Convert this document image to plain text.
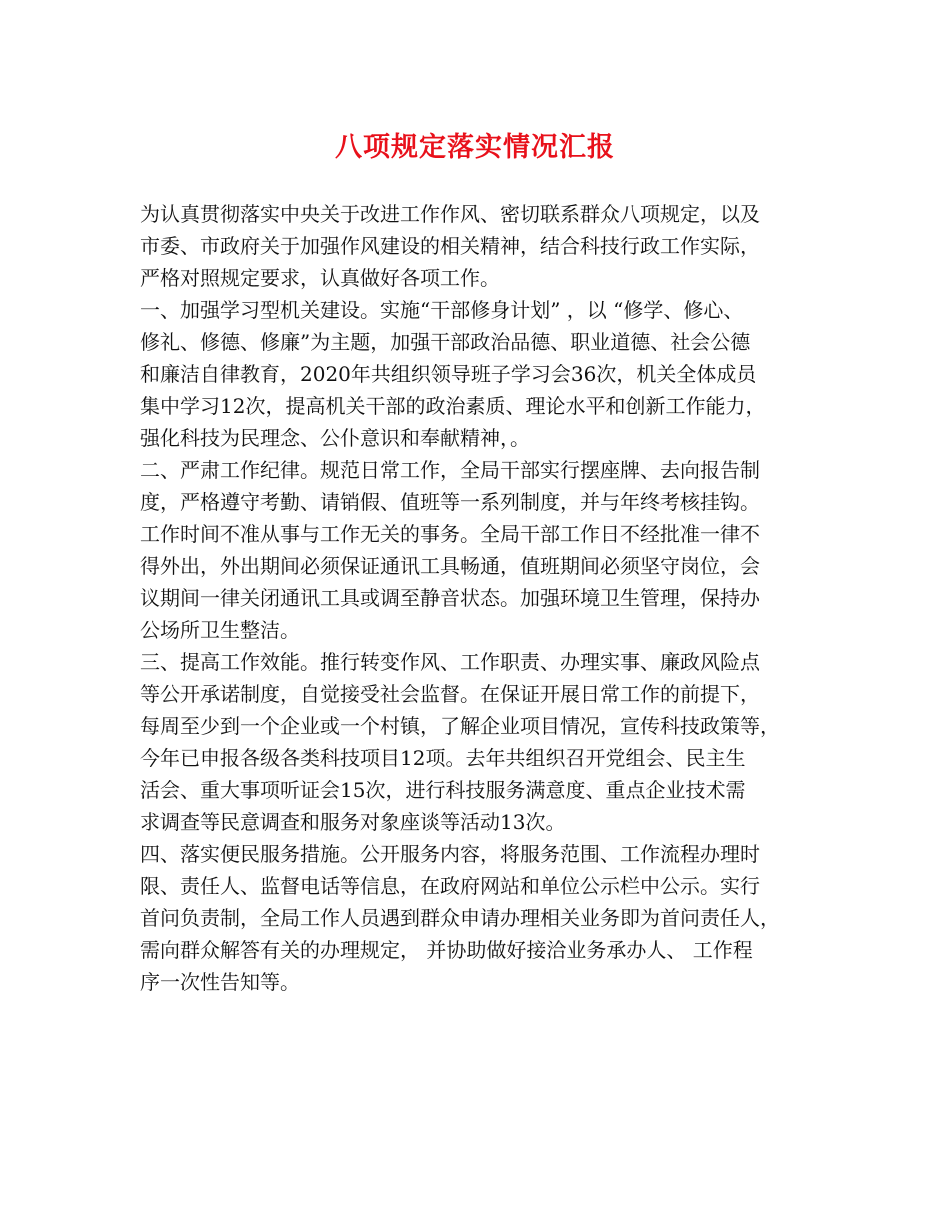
八项规定落实情况汇报
为认真贯彻落实中央关于改进工作作风、密切联系群众八项规定，以及
市委、市政府关于加强作风建设的相关精神，结合科技行政工作实际，
严格对照规定要求，认真做好各项工作。
一、加强学习型机关建设。实施“干部修身计划” ，以 “修学、修心、
修礼、修德、修廉”为主题，加强干部政治品德、职业道德、社会公德
和廉洁自律教育，2020年共组织领导班子学习会36次，机关全体成员
集中学习12次，提高机关干部的政治素质、理论水平和创新工作能力，
强化科技为民理念、公仆意识和奉献精神，。
二、严肃工作纪律。规范日常工作，全局干部实行摆座牌、去向报告制
度，严格遵守考勤、请销假、值班等一系列制度，并与年终考核挂钩。
工作时间不准从事与工作无关的事务。全局干部工作日不经批准一律不
得外出，外出期间必须保证通讯工具畅通，值班期间必须坚守岗位，会
议期间一律关闭通讯工具或调至静音状态。加强环境卫生管理，保持办
公场所卫生整洁。
三、提高工作效能。推行转变作风、工作职责、办理实事、廉政风险点
等公开承诺制度，自觉接受社会监督。在保证开展日常工作的前提下，
每周至少到一个企业或一个村镇，了解企业项目情况，宣传科技政策等，
今年已申报各级各类科技项目12项。去年共组织召开党组会、民主生
活会、重大事项听证会15次，进行科技服务满意度、重点企业技术需
求调查等民意调查和服务对象座谈等活动13次。
四、落实便民服务措施。公开服务内容，将服务范围、工作流程办理时
限、责任人、监督电话等信息，在政府网站和单位公示栏中公示。实行
首问负责制，全局工作人员遇到群众申请办理相关业务即为首问责任人，
需向群众解答有关的办理规定， 并协助做好接洽业务承办人、 工作程
序一次性告知等。
